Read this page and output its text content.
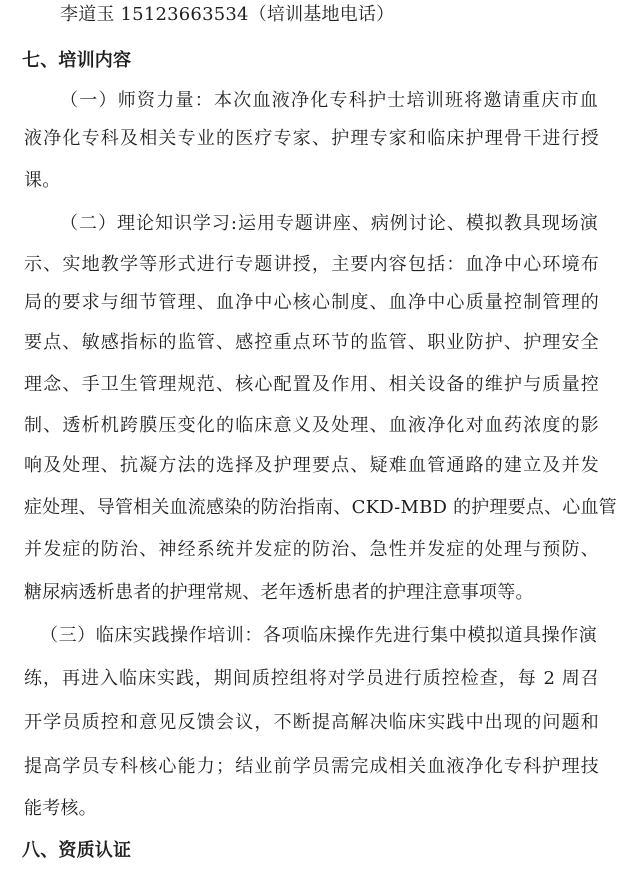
李道玉 15123663534（培训基地电话）
七、培训内容
（一）师资力量：本次血液净化专科护士培训班将邀请重庆市血
液净化专科及相关专业的医疗专家、护理专家和临床护理骨干进行授
课。
（二）理论知识学习:运用专题讲座、病例讨论、模拟教具现场演
示、实地教学等形式进行专题讲授，主要内容包括：血净中心环境布
局的要求与细节管理、血净中心核心制度、血净中心质量控制管理的
要点、敏感指标的监管、感控重点环节的监管、职业防护、护理安全
理念、手卫生管理规范、核心配置及作用、相关设备的维护与质量控
制、透析机跨膜压变化的临床意义及处理、血液净化对血药浓度的影
响及处理、抗凝方法的选择及护理要点、疑难血管通路的建立及并发
症处理、导管相关血流感染的防治指南、CKD-MBD 的护理要点、心血管
并发症的防治、神经系统并发症的防治、急性并发症的处理与预防、
糖尿病透析患者的护理常规、老年透析患者的护理注意事项等。
（三）临床实践操作培训：各项临床操作先进行集中模拟道具操作演
练，再进入临床实践，期间质控组将对学员进行质控检查，每 2 周召
开学员质控和意见反馈会议，不断提高解决临床实践中出现的问题和
提高学员专科核心能力；结业前学员需完成相关血液净化专科护理技
能考核。
八、资质认证
